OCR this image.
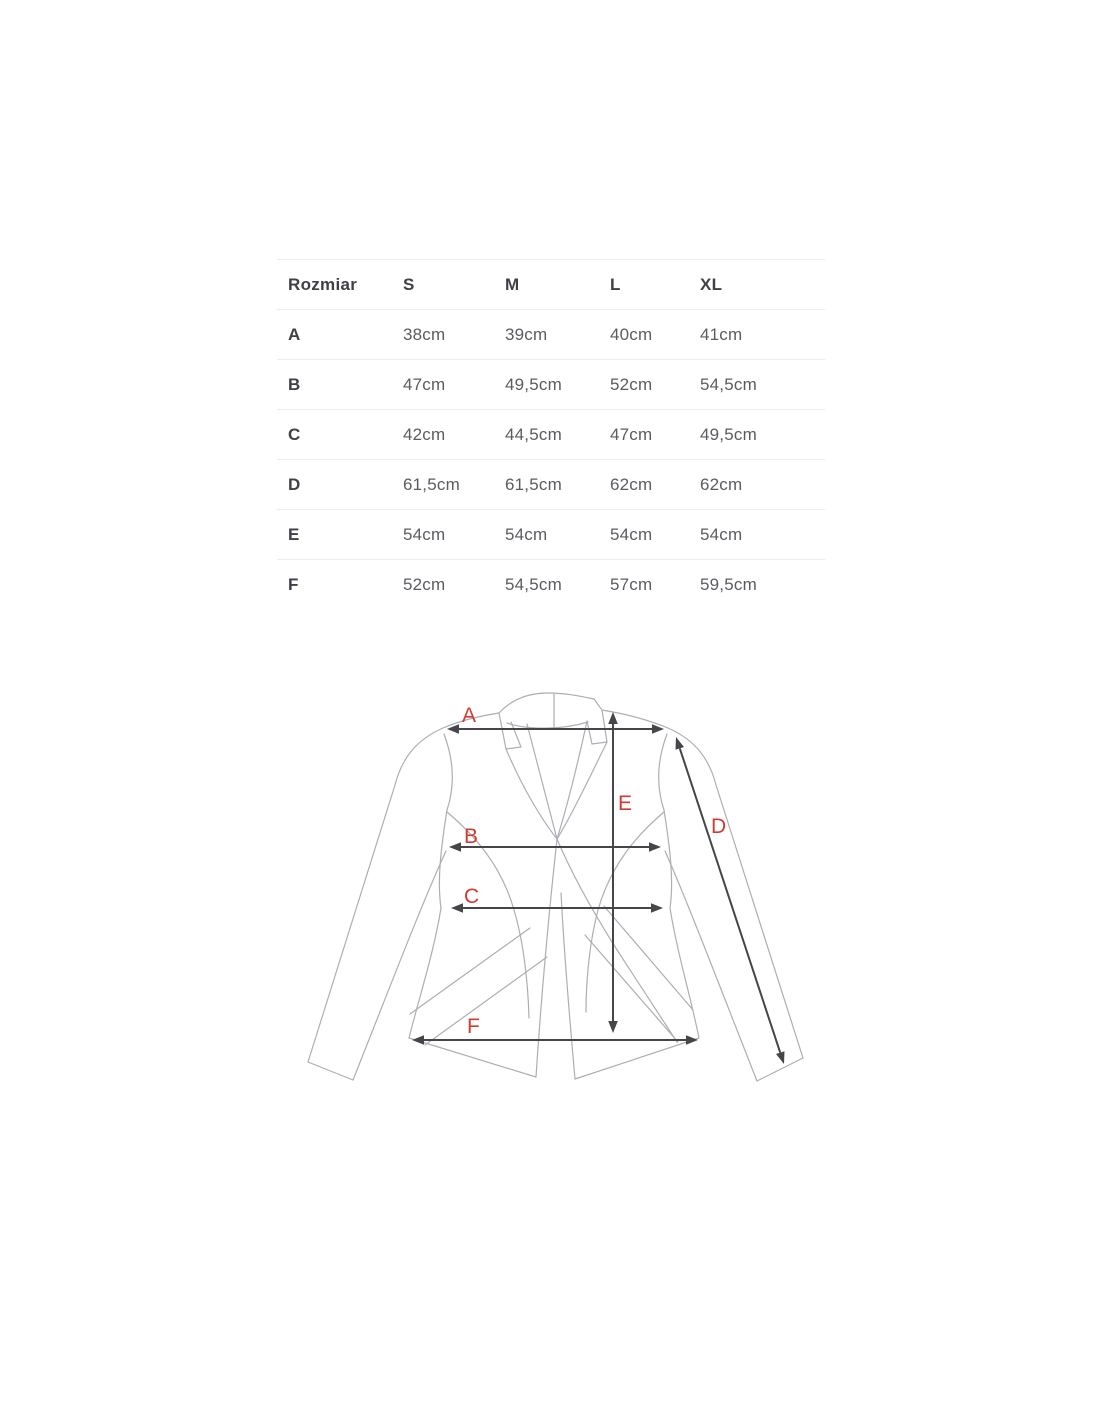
Rozmiar	S	M	L	XL
A	38cm	39cm	40cm	41cm
B	47cm	49,5cm	52cm	54,5cm
C	42cm	44,5cm	47cm	49,5cm
D	61,5cm	61,5cm	62cm	62cm
E	54cm	54cm	54cm	54cm
F	52cm	54,5cm	57cm	59,5cm
A
B
C
D
E
F
